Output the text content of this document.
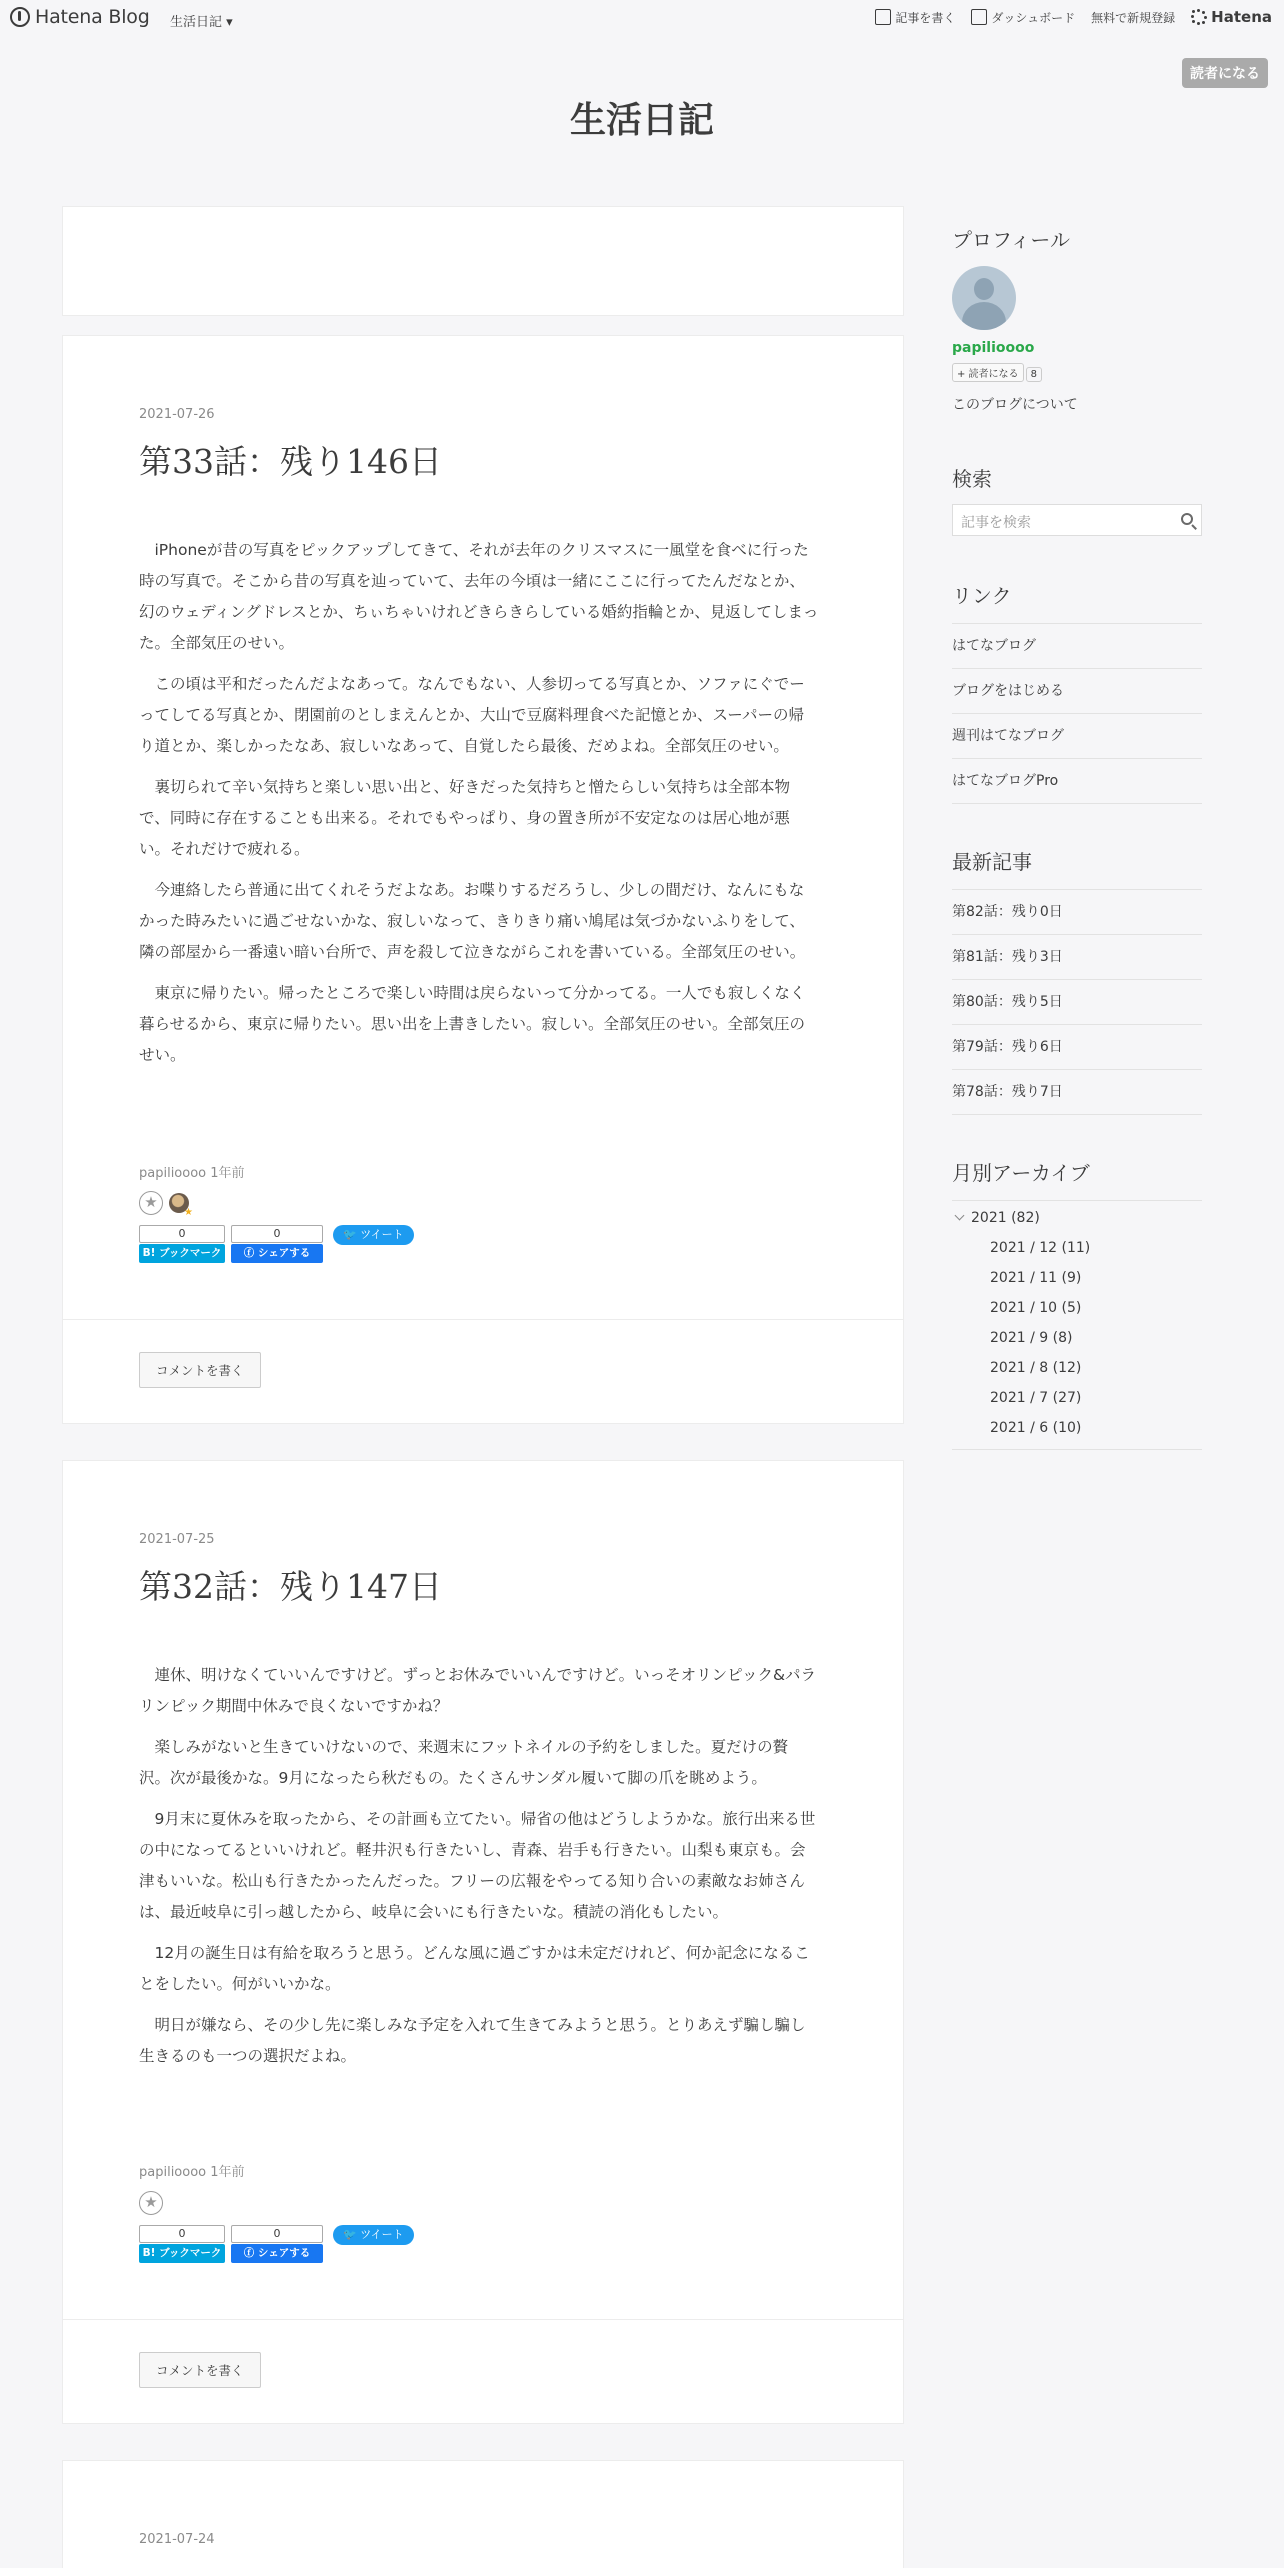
Hatena Blog 生活日記 ▾	記事を書く	ダッシュボード 無料で新規登録 Hatena
読者になる
生活日記
2021-07-26
第33話：残り146日

iPhoneが昔の写真をピックアップしてきて、それが去年のクリスマスに一風堂を食べに行った時の写真で。そこから昔の写真を辿っていて、去年の今頃は一緒にここに行ってたんだなとか、幻のウェディングドレスとか、ちぃちゃいけれどきらきらしている婚約指輪とか、見返してしまった。全部気圧のせい。

この頃は平和だったんだよなあって。なんでもない、人参切ってる写真とか、ソファにぐでーってしてる写真とか、閉園前のとしまえんとか、大山で豆腐料理食べた記憶とか、スーパーの帰り道とか、楽しかったなあ、寂しいなあって、自覚したら最後、だめよね。全部気圧のせい。

裏切られて辛い気持ちと楽しい思い出と、好きだった気持ちと憎たらしい気持ちは全部本物で、同時に存在することも出来る。それでもやっぱり、身の置き所が不安定なのは居心地が悪い。それだけで疲れる。

今連絡したら普通に出てくれそうだよなあ。お喋りするだろうし、少しの間だけ、なんにもなかった時みたいに過ごせないかな、寂しいなって、きりきり痛い鳩尾は気づかないふりをして、隣の部屋から一番遠い暗い台所で、声を殺して泣きながらこれを書いている。全部気圧のせい。

東京に帰りたい。帰ったところで楽しい時間は戻らないって分かってる。一人でも寂しくなく暮らせるから、東京に帰りたい。思い出を上書きしたい。寂しい。全部気圧のせい。全部気圧のせい。

papilioooo 1年前
★
★
0
B! ブックマーク
0
ⓕ シェアする
🐦 ツイート
コメントを書く
2021-07-25
第32話：残り147日

連休、明けなくていいんですけど。ずっとお休みでいいんですけど。いっそオリンピック&パラリンピック期間中休みで良くないですかね？

楽しみがないと生きていけないので、来週末にフットネイルの予約をしました。夏だけの贅沢。次が最後かな。9月になったら秋だもの。たくさんサンダル履いて脚の爪を眺めよう。

9月末に夏休みを取ったから、その計画も立てたい。帰省の他はどうしようかな。旅行出来る世の中になってるといいけれど。軽井沢も行きたいし、青森、岩手も行きたい。山梨も東京も。会津もいいな。松山も行きたかったんだった。フリーの広報をやってる知り合いの素敵なお姉さんは、最近岐阜に引っ越したから、岐阜に会いにも行きたいな。積読の消化もしたい。

12月の誕生日は有給を取ろうと思う。どんな風に過ごすかは未定だけれど、何か記念になることをしたい。何がいいかな。

明日が嫌なら、その少し先に楽しみな予定を入れて生きてみようと思う。とりあえず騙し騙し生きるのも一つの選択だよね。

papilioooo 1年前
★
0
B! ブックマーク
0
ⓕ シェアする
🐦 ツイート
コメントを書く
2021-07-24
プロフィール
papilioooo
+ 読者になる 8
このブログについて
検索
記事を検索
リンク
はてなブログ
ブログをはじめる
週刊はてなブログ
はてなブログPro
最新記事
第82話：残り0日
第81話：残り3日
第80話：残り5日
第79話：残り6日
第78話：残り7日
月別アーカイブ
2021 (82)
2021 / 12 (11)
2021 / 11 (9)
2021 / 10 (5)
2021 / 9 (8)
2021 / 8 (12)
2021 / 7 (27)
2021 / 6 (10)
